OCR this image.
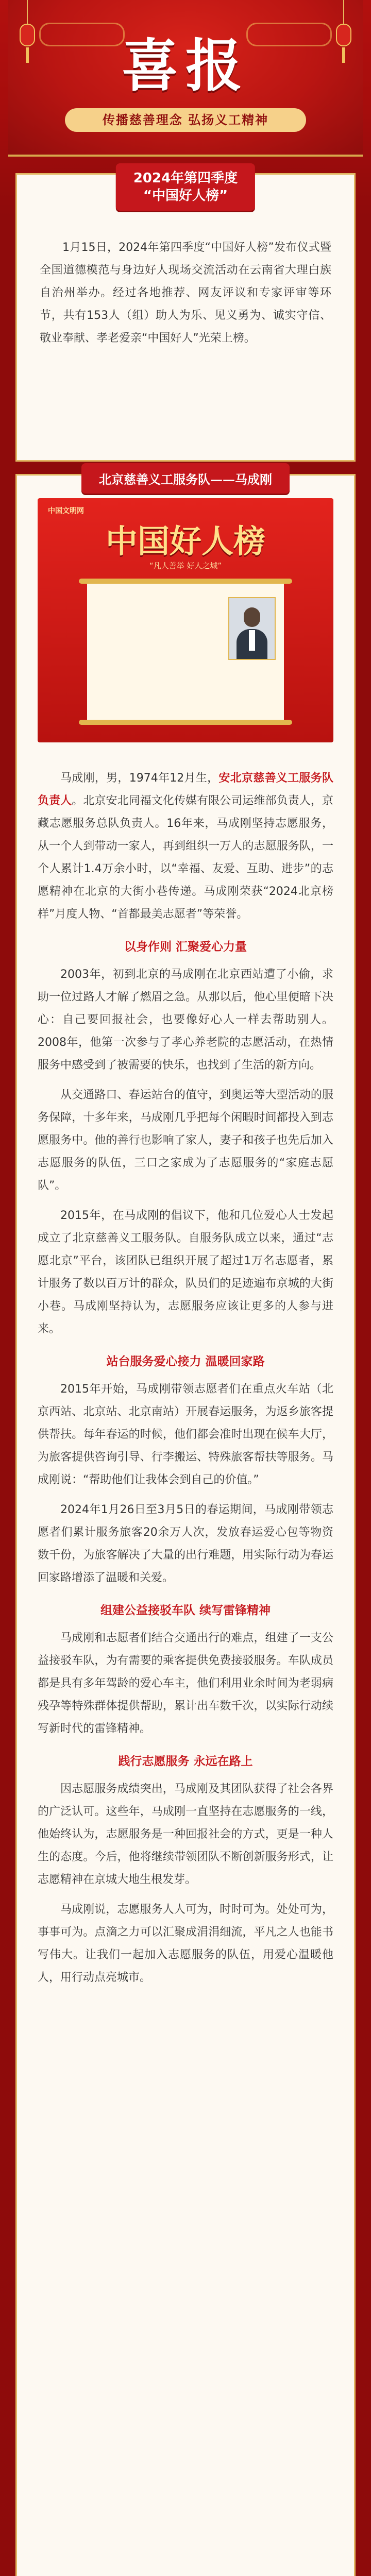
喜报
传播慈善理念 弘扬义工精神
2024年第四季度
“中国好人榜”
1月15日，2024年第四季度“中国好人榜”发布仪式暨全国道德模范与身边好人现场交流活动在云南省大理白族自治州举办。经过各地推荐、网友评议和专家评审等环节，共有153人（组）助人为乐、见义勇为、诚实守信、敬业奉献、孝老爱亲“中国好人”光荣上榜。
北京慈善义工服务队——马成刚
中国文明网
中国好人榜
“凡人善举 好人之城”

马成刚，男，1974年12月生，安北京慈善义工服务队负责人。北京安北同福文化传媒有限公司运维部负责人，京藏志愿服务总队负责人。16年来，马成刚坚持志愿服务，从一个人到带动一家人，再到组织一万人的志愿服务队，一个人累计1.4万余小时，以“幸福、友爱、互助、进步”的志愿精神在北京的大街小巷传递。马成刚荣获“2024北京榜样”月度人物、“首都最美志愿者”等荣誉。

以身作则 汇聚爱心力量

2003年，初到北京的马成刚在北京西站遭了小偷，求助一位过路人才解了燃眉之急。从那以后，他心里便暗下决心：自己要回报社会，也要像好心人一样去帮助别人。2008年，他第一次参与了孝心养老院的志愿活动，在热情服务中感受到了被需要的快乐，也找到了生活的新方向。

从交通路口、春运站台的值守，到奥运等大型活动的服务保障，十多年来，马成刚几乎把每个闲暇时间都投入到志愿服务中。他的善行也影响了家人，妻子和孩子也先后加入志愿服务的队伍，三口之家成为了志愿服务的“家庭志愿队”。

2015年，在马成刚的倡议下，他和几位爱心人士发起成立了北京慈善义工服务队。自服务队成立以来，通过“志愿北京”平台，该团队已组织开展了超过1万名志愿者，累计服务了数以百万计的群众，队员们的足迹遍布京城的大街小巷。马成刚坚持认为，志愿服务应该让更多的人参与进来。

站台服务爱心接力 温暖回家路

2015年开始，马成刚带领志愿者们在重点火车站（北京西站、北京站、北京南站）开展春运服务，为返乡旅客提供帮扶。每年春运的时候，他们都会准时出现在候车大厅，为旅客提供咨询引导、行李搬运、特殊旅客帮扶等服务。马成刚说：“帮助他们让我体会到自己的价值。”

2024年1月26日至3月5日的春运期间，马成刚带领志愿者们累计服务旅客20余万人次，发放春运爱心包等物资数千份，为旅客解决了大量的出行难题，用实际行动为春运回家路增添了温暖和关爱。

组建公益接驳车队 续写雷锋精神

马成刚和志愿者们结合交通出行的难点，组建了一支公益接驳车队，为有需要的乘客提供免费接驳服务。车队成员都是具有多年驾龄的爱心车主，他们利用业余时间为老弱病残孕等特殊群体提供帮助，累计出车数千次，以实际行动续写新时代的雷锋精神。

践行志愿服务 永远在路上

因志愿服务成绩突出，马成刚及其团队获得了社会各界的广泛认可。这些年，马成刚一直坚持在志愿服务的一线，他始终认为，志愿服务是一种回报社会的方式，更是一种人生的态度。今后，他将继续带领团队不断创新服务形式，让志愿精神在京城大地生根发芽。

马成刚说，志愿服务人人可为，时时可为。处处可为，事事可为。点滴之力可以汇聚成涓涓细流，平凡之人也能书写伟大。让我们一起加入志愿服务的队伍，用爱心温暖他人，用行动点亮城市。
